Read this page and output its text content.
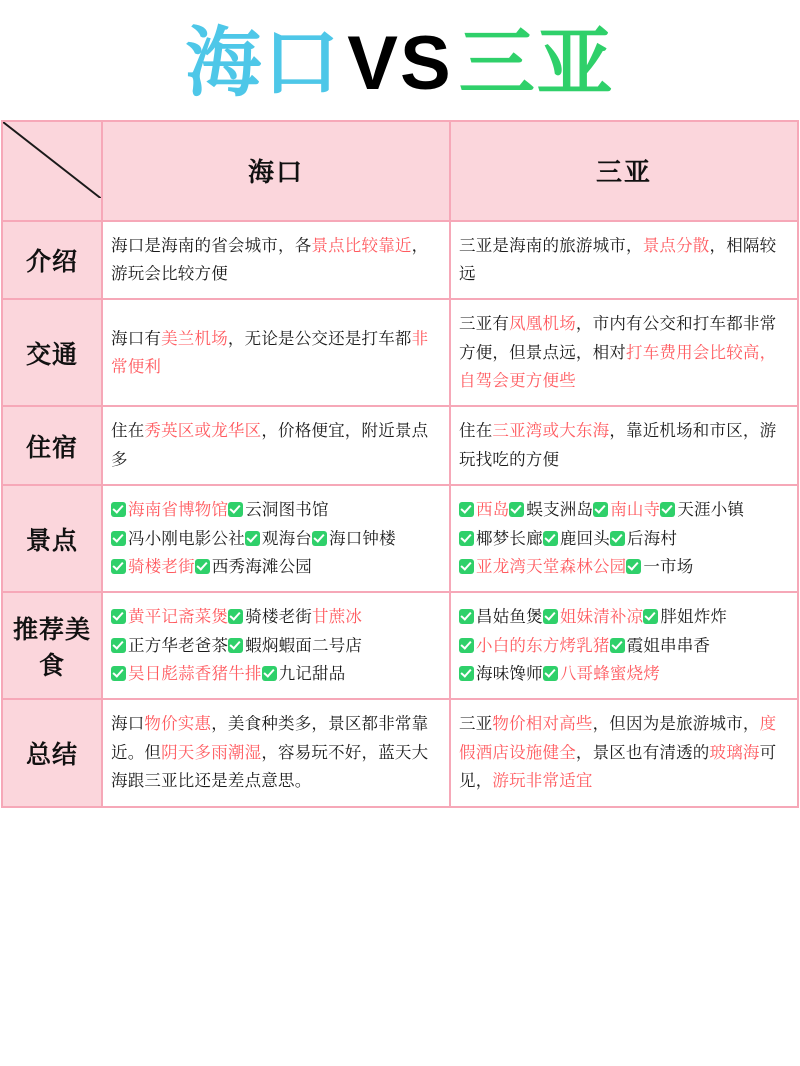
海口VS三亚
	海口	三亚
介绍	海口是海南的省会城市，各景点比较靠近，游玩会比较方便	三亚是海南的旅游城市，景点分散，相隔较远
交通	海口有美兰机场，无论是公交还是打车都非常便利	三亚有凤凰机场，市内有公交和打车都非常方便，但景点远，相对打车费用会比较高，自驾会更方便些
住宿	住在秀英区或龙华区，价格便宜，附近景点多	住在三亚湾或大东海，靠近机场和市区，游玩找吃的方便
景点	海南省博物馆 云洞图书馆冯小刚电影公社 观海台 海口钟楼骑楼老街 西秀海滩公园	西岛 蜈支洲岛 南山寺 天涯小镇椰梦长廊 鹿回头 后海村亚龙湾天堂森林公园 一市场
推荐美食	黄平记斋菜煲 骑楼老街甘蔗冰正方华老爸茶 蝦焖蝦面二号店吴日彪蒜香猪牛排 九记甜品	昌姑鱼煲 姐妹清补凉 胖姐炸炸小白的东方烤乳猪 霞姐串串香海味馋师 八哥蜂蜜烧烤
总结	海口物价实惠，美食种类多，景区都非常靠近。但阴天多雨潮湿，容易玩不好，蓝天大海跟三亚比还是差点意思。	三亚物价相对高些，但因为是旅游城市，度假酒店设施健全，景区也有清透的玻璃海可见，游玩非常适宜
